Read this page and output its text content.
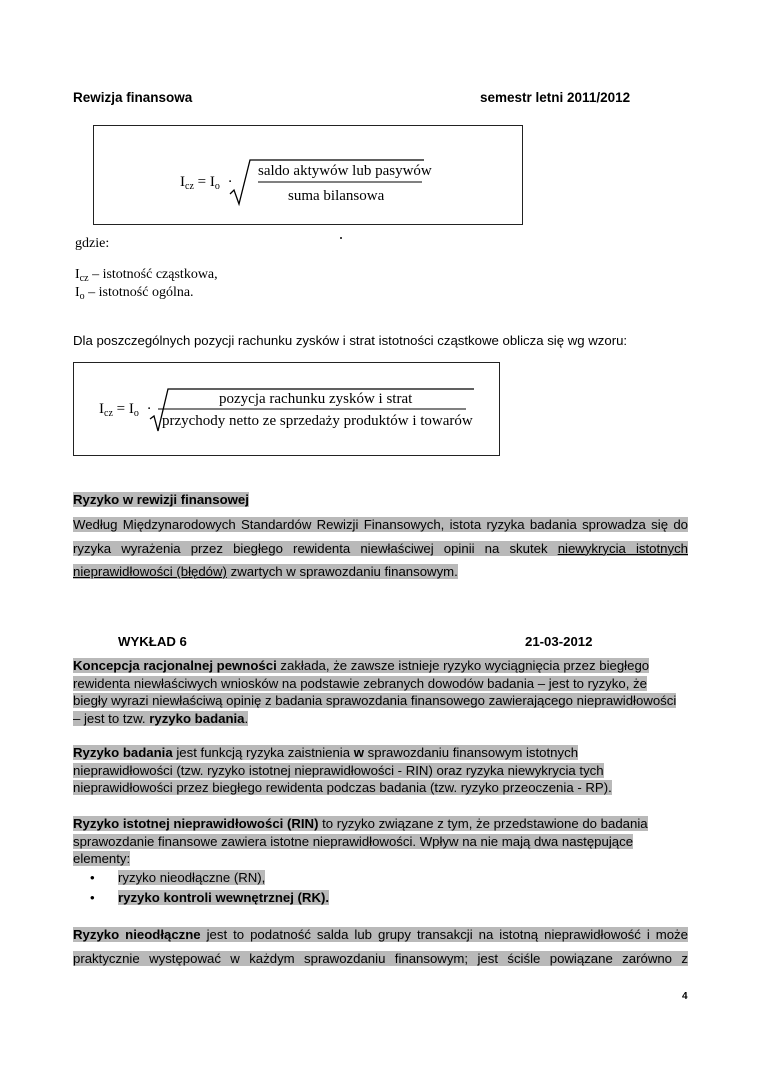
Rewizja finansowa	semestr letni 2011/2012
$I_{cz} = I_o$ ·
saldo aktywów lub pasywów
suma bilansowa
gdzie:
$I_{cz}$ – istotność cząstkowa,
$I_o$ – istotność ogólna.
Dla poszczególnych pozycji rachunku zysków i strat istotności cząstkowe oblicza się wg wzoru:
$I_{cz} = I_o$ ·
pozycja rachunku zysków i strat
przychody netto ze sprzedaży produktów i towarów
Ryzyko w rewizji finansowej
Według Międzynarodowych Standardów Rewizji Finansowych, istota ryzyka badania sprowadza się do
ryzyka wyrażenia przez biegłego rewidenta niewłaściwej opinii na skutek niewykrycia istotnych
nieprawidłowości (błędów) zwartych w sprawozdaniu finansowym.
WYKŁAD 6	21-03-2012
Koncepcja racjonalnej pewności zakłada, że zawsze istnieje ryzyko wyciągnięcia przez biegłego
rewidenta niewłaściwych wniosków na podstawie zebranych dowodów badania – jest to ryzyko, że
biegły wyrazi niewłaściwą opinię z badania sprawozdania finansowego zawierającego nieprawidłowości
– jest to tzw. ryzyko badania.
Ryzyko badania jest funkcją ryzyka zaistnienia w sprawozdaniu finansowym istotnych
nieprawidłowości (tzw. ryzyko istotnej nieprawidłowości - RIN) oraz ryzyka niewykrycia tych
nieprawidłowości przez biegłego rewidenta podczas badania (tzw. ryzyko przeoczenia - RP).
Ryzyko istotnej nieprawidłowości (RIN) to ryzyko związane z tym, że przedstawione do badania
sprawozdanie finansowe zawiera istotne nieprawidłowości. Wpływ na nie mają dwa następujące
elementy:
• ryzyko nieodłączne (RN),
• ryzyko kontroli wewnętrznej (RK).
Ryzyko nieodłączne jest to podatność salda lub grupy transakcji na istotną nieprawidłowość i może
praktycznie występować w każdym sprawozdaniu finansowym; jest ściśle powiązane zarówno z
4
